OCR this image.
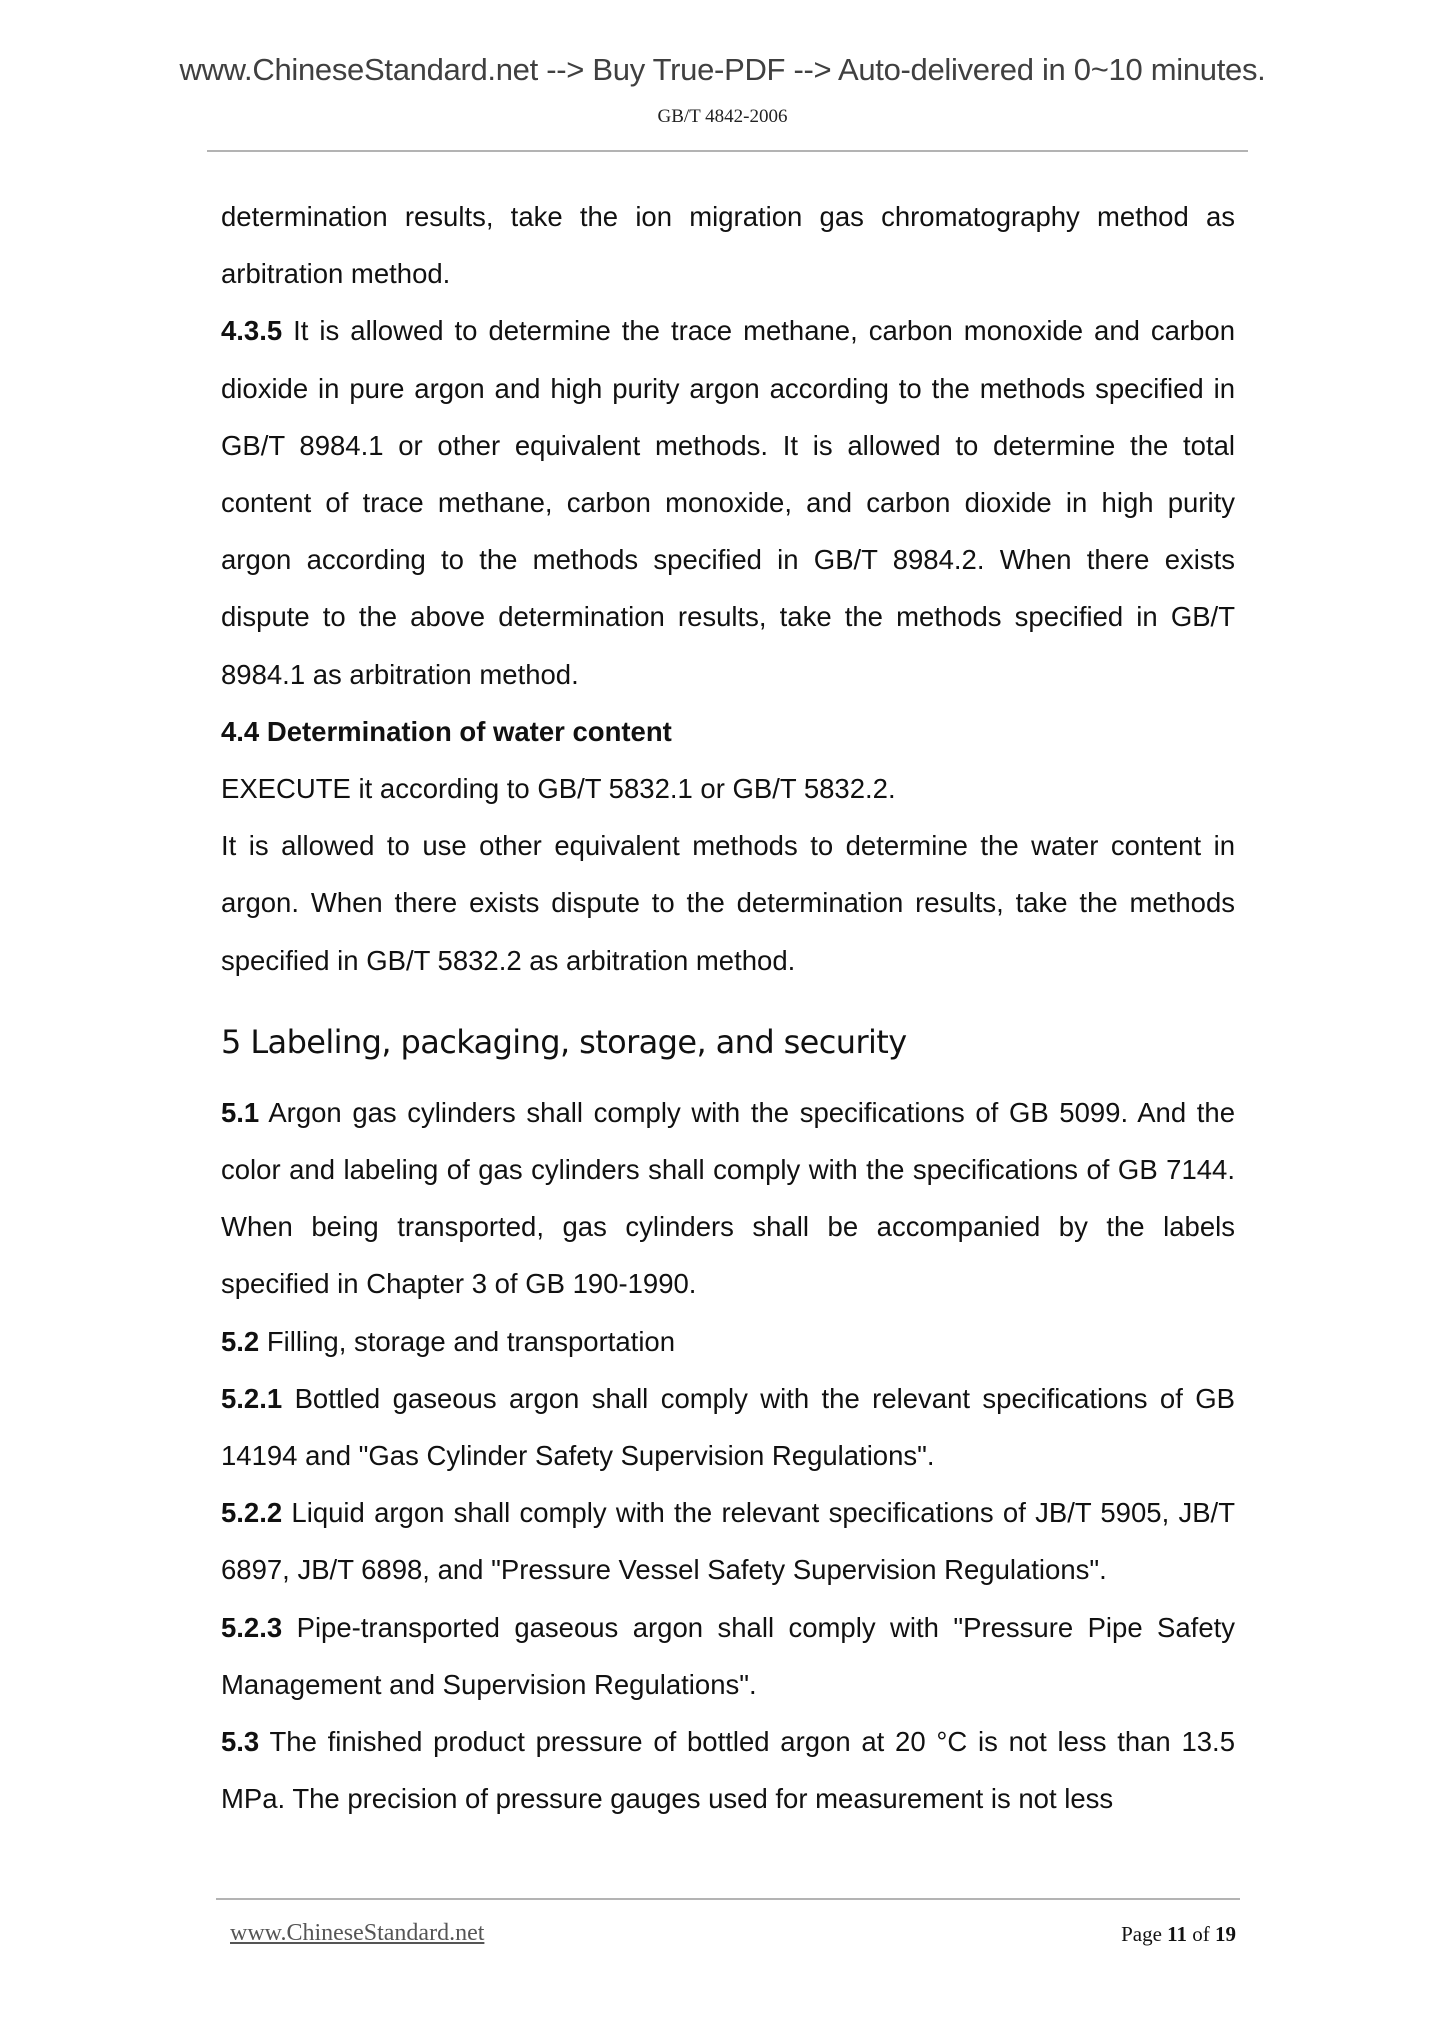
www.ChineseStandard.net --> Buy True-PDF --> Auto-delivered in 0~10 minutes.
GB/T 4842-2006

determination results, take the ion migration gas chromatography method as arbitration method.

4.3.5 It is allowed to determine the trace methane, carbon monoxide and carbon dioxide in pure argon and high purity argon according to the methods specified in GB/T 8984.1 or other equivalent methods. It is allowed to determine the total content of trace methane, carbon monoxide, and carbon dioxide in high purity argon according to the methods specified in GB/T 8984.2. When there exists dispute to the above determination results, take the methods specified in GB/T 8984.1 as arbitration method.

4.4 Determination of water content

EXECUTE it according to GB/T 5832.1 or GB/T 5832.2.

It is allowed to use other equivalent methods to determine the water content in argon. When there exists dispute to the determination results, take the methods specified in GB/T 5832.2 as arbitration method.

5 Labeling, packaging, storage, and security

5.1 Argon gas cylinders shall comply with the specifications of GB 5099. And the color and labeling of gas cylinders shall comply with the specifications of GB 7144. When being transported, gas cylinders shall be accompanied by the labels specified in Chapter 3 of GB 190-1990.

5.2 Filling, storage and transportation

5.2.1 Bottled gaseous argon shall comply with the relevant specifications of GB 14194 and "Gas Cylinder Safety Supervision Regulations".

5.2.2 Liquid argon shall comply with the relevant specifications of JB/T 5905, JB/T 6897, JB/T 6898, and "Pressure Vessel Safety Supervision Regulations".

5.2.3 Pipe-transported gaseous argon shall comply with "Pressure Pipe Safety Management and Supervision Regulations".

5.3 The finished product pressure of bottled argon at 20 °C is not less than 13.5 MPa. The precision of pressure gauges used for measurement is not less

www.ChineseStandard.net	Page 11 of 19
